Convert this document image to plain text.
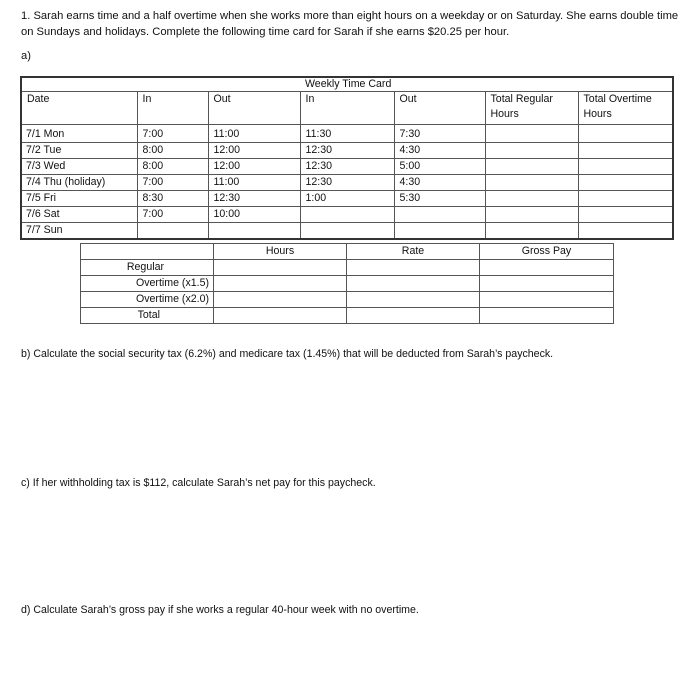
1. Sarah earns time and a half overtime when she works more than eight hours on a weekday or on Saturday. She earns double time on Sundays and holidays. Complete the following time card for Sarah if she earns $20.25 per hour.
a)
			Weekly Time Card			
Date	In	Out	In	Out	Total Regular Hours	Total Overtime Hours

7/1 Mon	7:00	11:00	11:30	7:30		
7/2 Tue	8:00	12:00	12:30	4:30		
7/3 Wed	8:00	12:00	12:30	5:00		
7/4 Thu (holiday)	7:00	11:00	12:30	4:30		
7/5 Fri	8:30	12:30	1:00	5:30		
7/6 Sat	7:00	10:00				
7/7 Sun						
	Hours	Rate	Gross Pay
Regular			
Overtime (x1.5)			
Overtime (x2.0)			
Total			
b) Calculate the social security tax (6.2%) and medicare tax (1.45%) that will be deducted from Sarah’s paycheck.
c) If her withholding tax is $112, calculate Sarah’s net pay for this paycheck.
d) Calculate Sarah’s gross pay if she works a regular 40-hour week with no overtime.
